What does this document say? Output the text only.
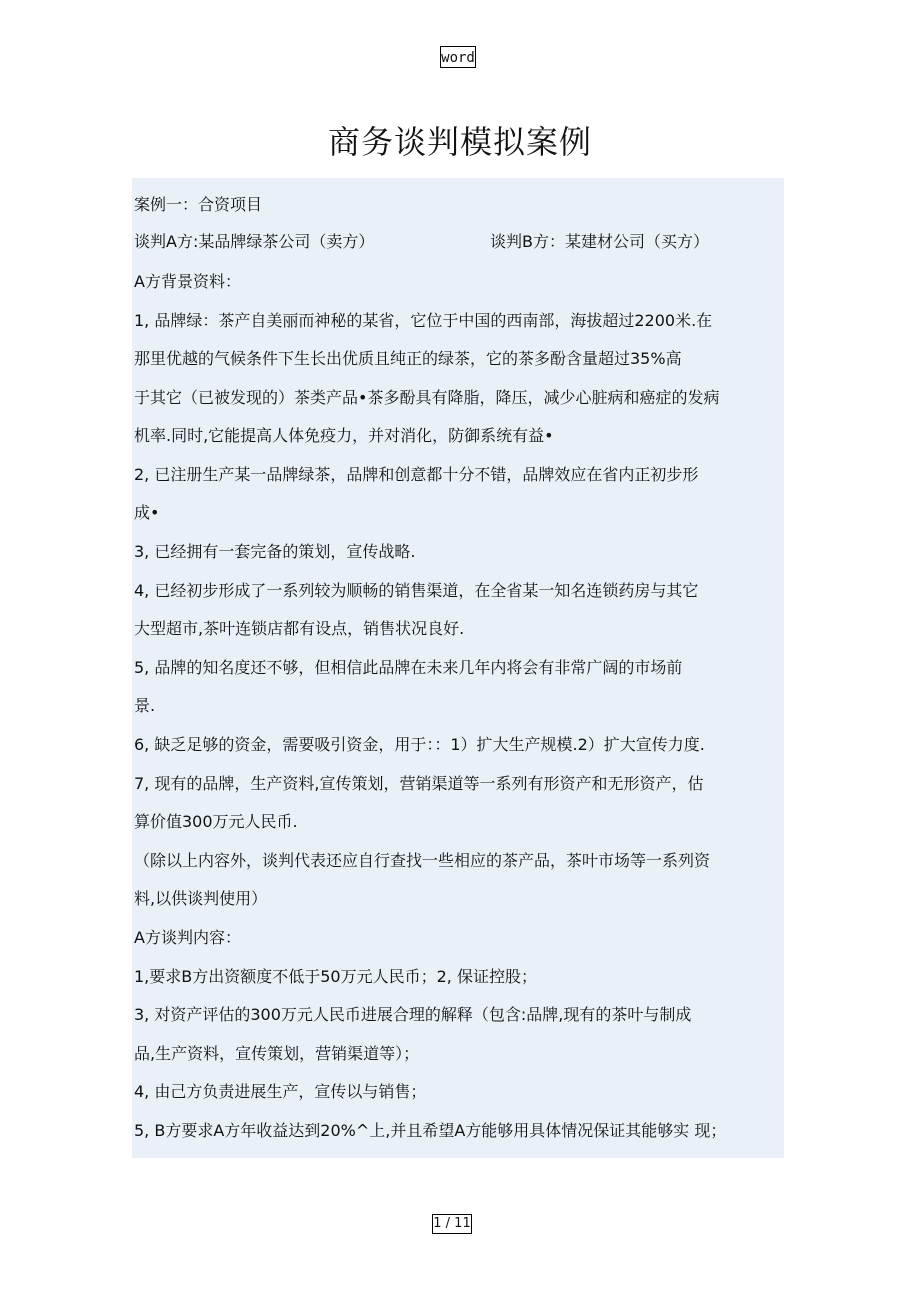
word
商务谈判模拟案例
案例一：合资项目
谈判A方:某品牌绿茶公司（卖方）	谈判B方：某建材公司（买方）
A方背景资料：
1, 品牌绿：茶产自美丽而神秘的某省，它位于中国的西南部，海拔超过2200米.在
那里优越的气候条件下生长出优质且纯正的绿茶，它的茶多酚含量超过35%高
于其它（已被发现的）茶类产品•茶多酚具有降脂，降压，减少心脏病和癌症的发病
机率.同时,它能提高人体免疫力，并对消化，防御系统有益•
2, 已注册生产某一品牌绿茶，品牌和创意都十分不错，品牌效应在省内正初步形
成•
3, 已经拥有一套完备的策划，宣传战略.
4, 已经初步形成了一系列较为顺畅的销售渠道，在全省某一知名连锁药房与其它
大型超市,茶叶连锁店都有设点，销售状况良好.
5, 品牌的知名度还不够，但相信此品牌在未来几年内将会有非常广阔的市场前
景.
6, 缺乏足够的资金，需要吸引资金，用于：：1）扩大生产规模.2）扩大宣传力度.
7, 现有的品牌，生产资料,宣传策划，营销渠道等一系列有形资产和无形资产，估
算价值300万元人民币.
（除以上内容外，谈判代表还应自行查找一些相应的茶产品，茶叶市场等一系列资
料,以供谈判使用）
A方谈判内容：
1,要求B方出资额度不低于50万元人民币；2, 保证控股；
3, 对资产评估的300万元人民币进展合理的解释（包含:品牌,现有的茶叶与制成
品,生产资料，宣传策划，营销渠道等）；
4, 由己方负责进展生产，宣传以与销售；
5, B方要求A方年收益达到20%^上,并且希望A方能够用具体情况保证其能够实 现；
1 / 11
